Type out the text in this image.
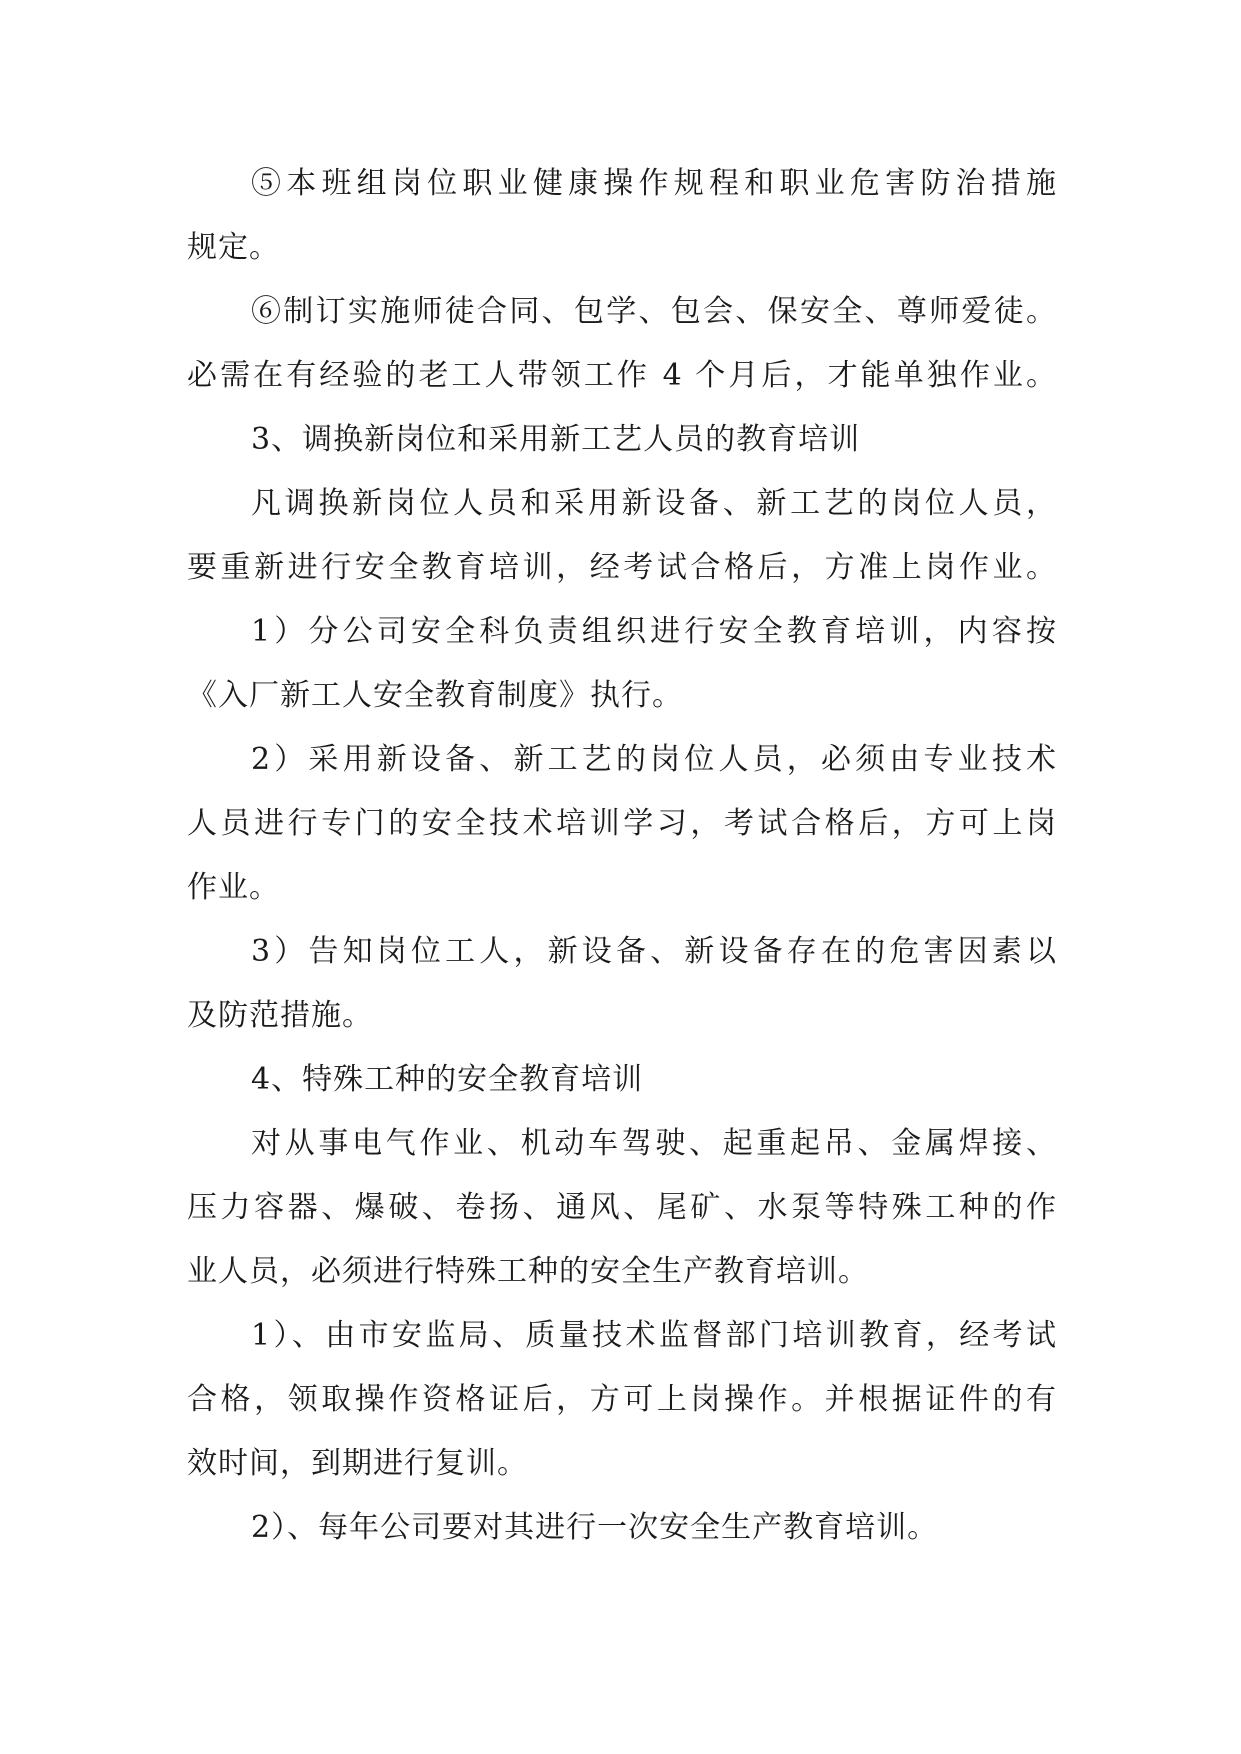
⑤本班组岗位职业健康操作规程和职业危害防治措施
规定。
⑥制订实施师徒合同、包学、包会、保安全、尊师爱徒。
必需在有经验的老工人带领工作 4 个月后，才能单独作业。
3、调换新岗位和采用新工艺人员的教育培训
凡调换新岗位人员和采用新设备、新工艺的岗位人员，
要重新进行安全教育培训，经考试合格后，方准上岗作业。
1）分公司安全科负责组织进行安全教育培训，内容按
《入厂新工人安全教育制度》执行。
2）采用新设备、新工艺的岗位人员，必须由专业技术
人员进行专门的安全技术培训学习，考试合格后，方可上岗
作业。
3）告知岗位工人，新设备、新设备存在的危害因素以
及防范措施。
4、特殊工种的安全教育培训
对从事电气作业、机动车驾驶、起重起吊、金属焊接、
压力容器、爆破、卷扬、通风、尾矿、水泵等特殊工种的作
业人员，必须进行特殊工种的安全生产教育培训。
1）、由市安监局、质量技术监督部门培训教育，经考试
合格，领取操作资格证后，方可上岗操作。并根据证件的有
效时间，到期进行复训。
2）、每年公司要对其进行一次安全生产教育培训。
